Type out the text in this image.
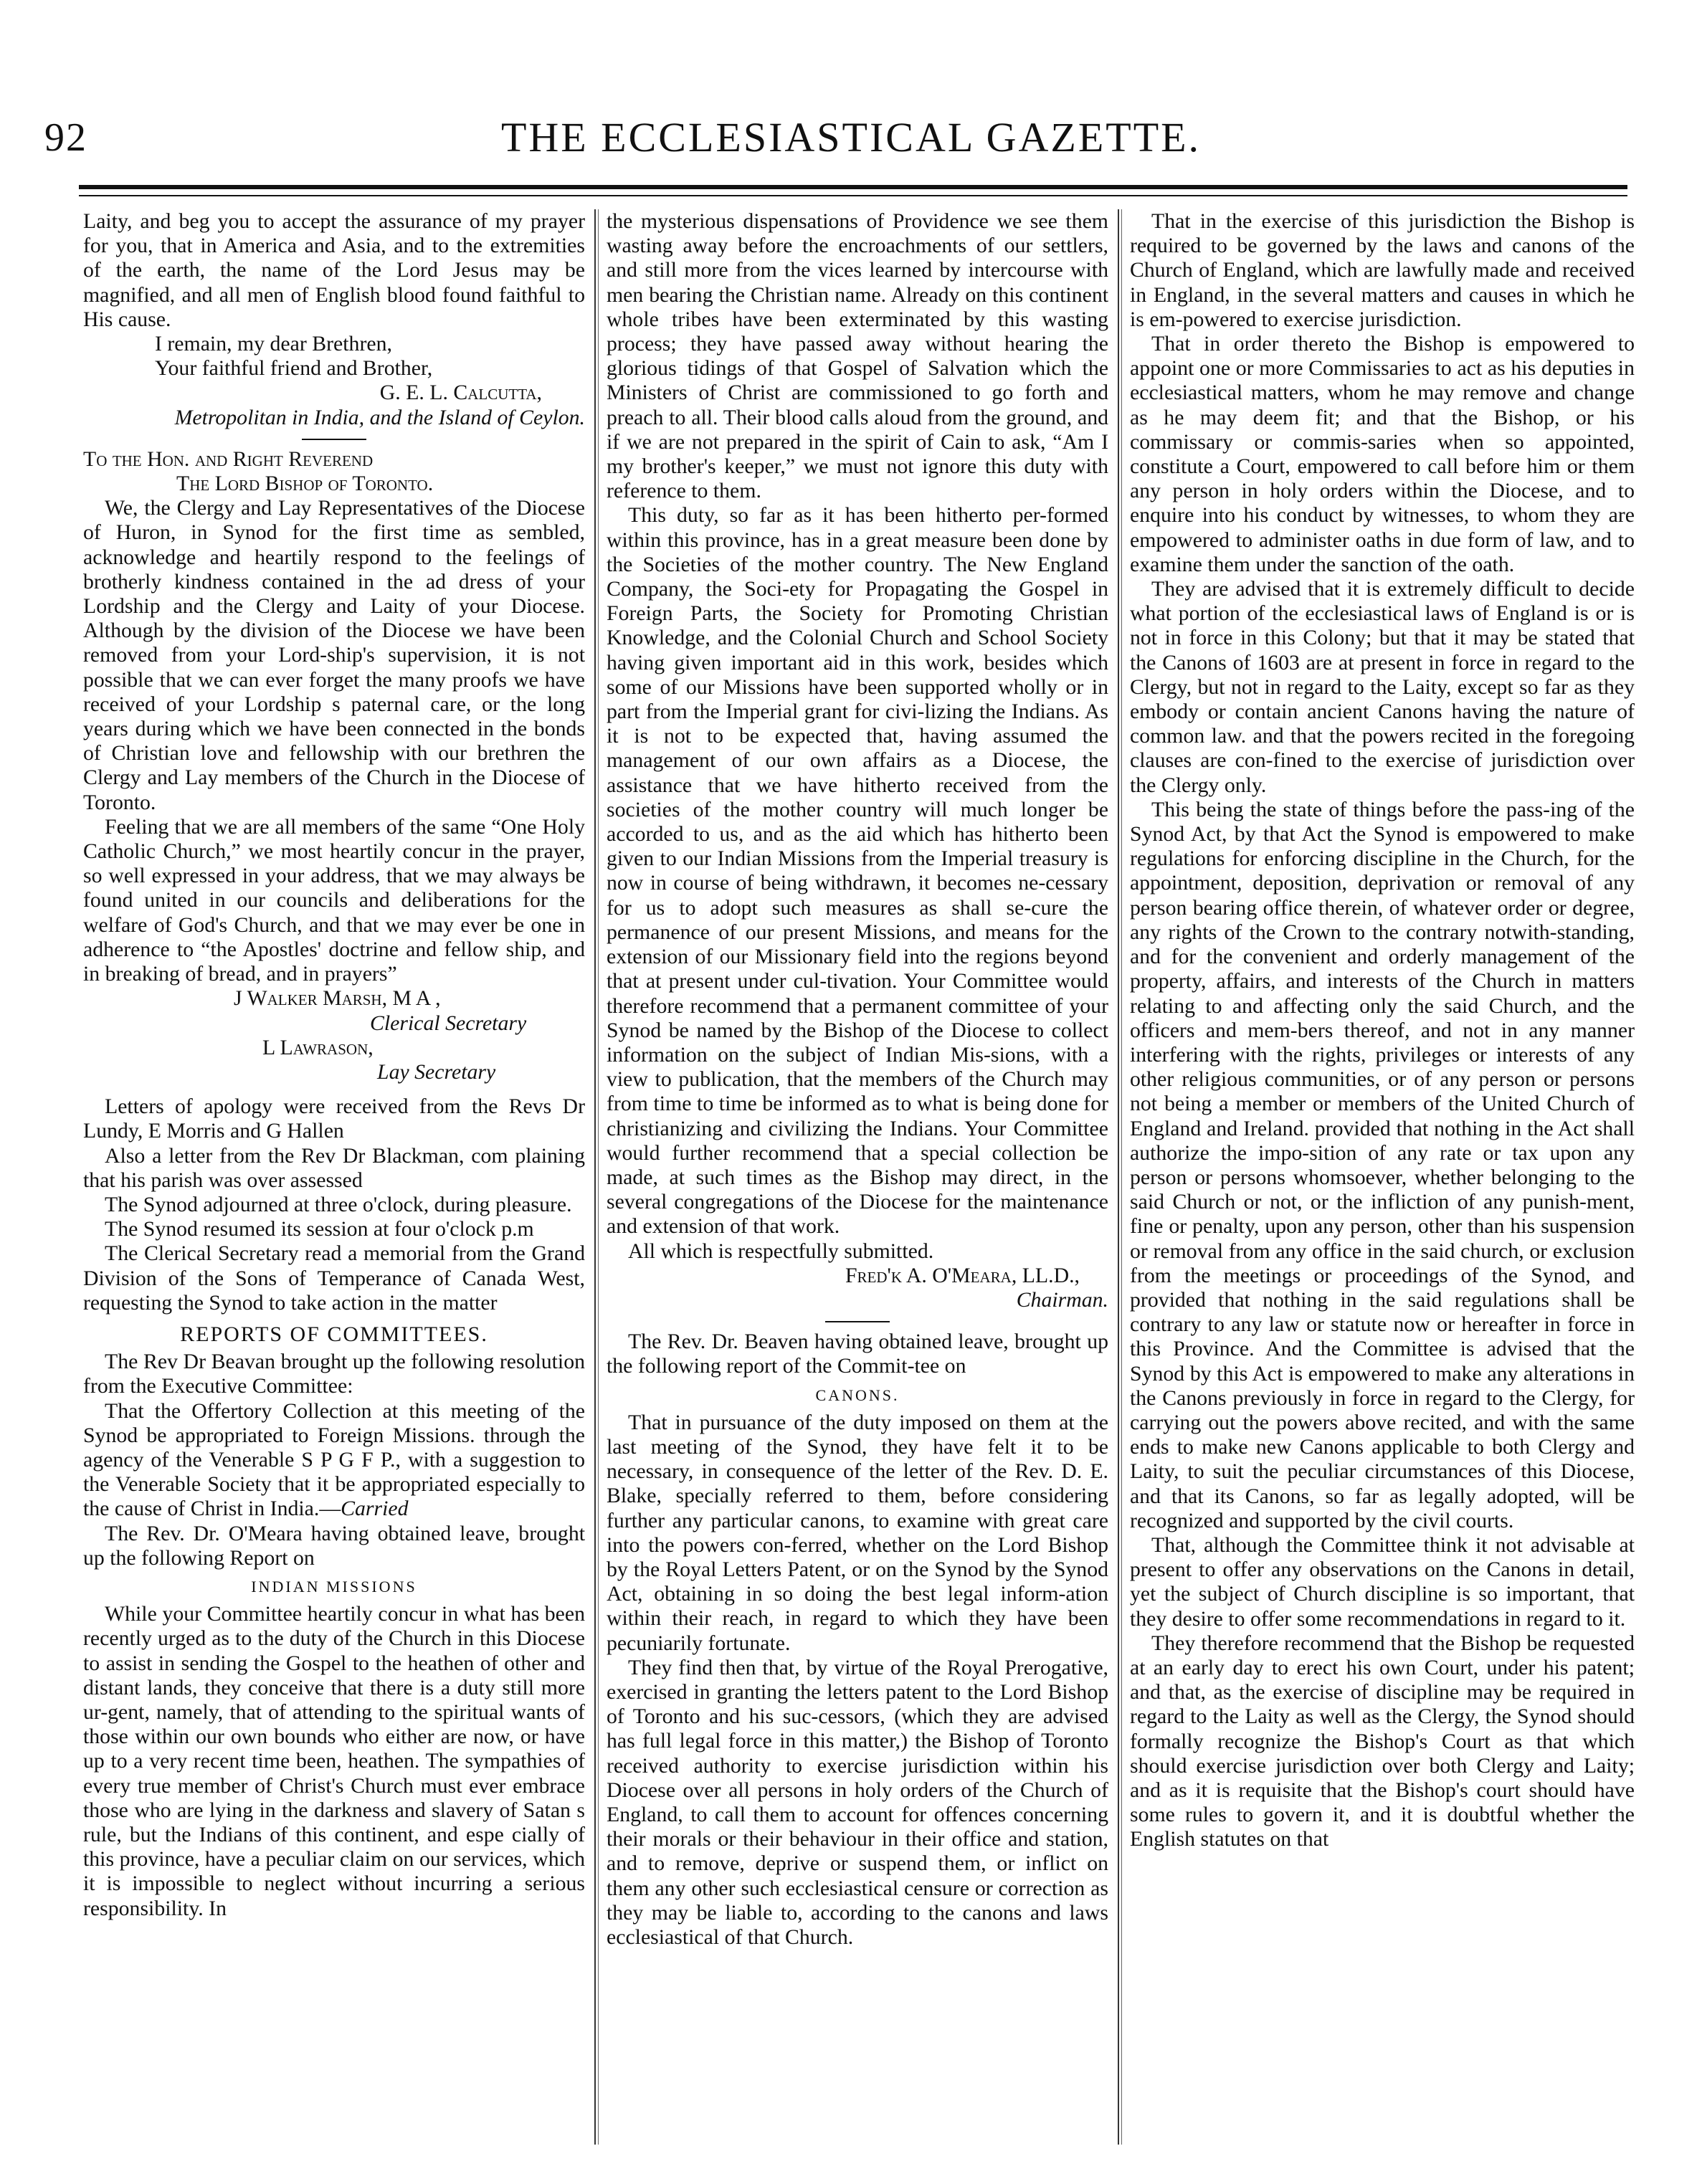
92	THE ECCLESIASTICAL GAZETTE.

Laity, and beg you to accept the assurance of my prayer for you, that in America and Asia, and to the extremities of the earth, the name of the Lord Jesus may be magnified, and all men of English blood found faithful to His cause.

I remain, my dear Brethren,

Your faithful friend and Brother,

G. E. L. Calcutta,

Metropolitan in India, and the Island of Ceylon.

To the Hon. and Right Reverend

The Lord Bishop of Toronto.

We, the Clergy and Lay Representatives of the Diocese of Huron, in Synod for the first time as sembled, acknowledge and heartily respond to the feelings of brotherly kindness contained in the ad dress of your Lordship and the Clergy and Laity of your Diocese. Although by the division of the Diocese we have been removed from your Lord-ship's supervision, it is not possible that we can ever forget the many proofs we have received of your Lordship s paternal care, or the long years during which we have been connected in the bonds of Christian love and fellowship with our brethren the Clergy and Lay members of the Church in the Diocese of Toronto.

Feeling that we are all members of the same “One Holy Catholic Church,” we most heartily concur in the prayer, so well expressed in your address, that we may always be found united in our councils and deliberations for the welfare of God's Church, and that we may ever be one in adherence to “the Apostles' doctrine and fellow ship, and in breaking of bread, and in prayers”

J Walker Marsh, M A ,

Clerical Secretary

L Lawrason,

Lay Secretary

Letters of apology were received from the Revs Dr Lundy, E Morris and G Hallen

Also a letter from the Rev Dr Blackman, com plaining that his parish was over assessed

The Synod adjourned at three o'clock, during pleasure.

The Synod resumed its session at four o'clock p.m

The Clerical Secretary read a memorial from the Grand Division of the Sons of Temperance of Canada West, requesting the Synod to take action in the matter

REPORTS OF COMMITTEES.

The Rev Dr Beavan brought up the following resolution from the Executive Committee:

That the Offertory Collection at this meeting of the Synod be appropriated to Foreign Missions. through the agency of the Venerable S P G F P., with a suggestion to the Venerable Society that it be appropriated especially to the cause of Christ in India.—Carried

The Rev. Dr. O'Meara having obtained leave, brought up the following Report on

INDIAN MISSIONS

While your Committee heartily concur in what has been recently urged as to the duty of the Church in this Diocese to assist in sending the Gospel to the heathen of other and distant lands, they conceive that there is a duty still more ur-gent, namely, that of attending to the spiritual wants of those within our own bounds who either are now, or have up to a very recent time been, heathen. The sympathies of every true member of Christ's Church must ever embrace those who are lying in the darkness and slavery of Satan s rule, but the Indians of this continent, and espe cially of this province, have a peculiar claim on our services, which it is impossible to neglect without incurring a serious responsibility. In

the mysterious dispensations of Providence we see them wasting away before the encroachments of our settlers, and still more from the vices learned by intercourse with men bearing the Christian name. Already on this continent whole tribes have been exterminated by this wasting process; they have passed away without hearing the glorious tidings of that Gospel of Salvation which the Ministers of Christ are commissioned to go forth and preach to all. Their blood calls aloud from the ground, and if we are not prepared in the spirit of Cain to ask, “Am I my brother's keeper,” we must not ignore this duty with reference to them.

This duty, so far as it has been hitherto per-formed within this province, has in a great measure been done by the Societies of the mother country. The New England Company, the Soci-ety for Propagating the Gospel in Foreign Parts, the Society for Promoting Christian Knowledge, and the Colonial Church and School Society having given important aid in this work, besides which some of our Missions have been supported wholly or in part from the Imperial grant for civi-lizing the Indians. As it is not to be expected that, having assumed the management of our own affairs as a Diocese, the assistance that we have hitherto received from the societies of the mother country will much longer be accorded to us, and as the aid which has hitherto been given to our Indian Missions from the Imperial treasury is now in course of being withdrawn, it becomes ne-cessary for us to adopt such measures as shall se-cure the permanence of our present Missions, and means for the extension of our Missionary field into the regions beyond that at present under cul-tivation. Your Committee would therefore recommend that a permanent committee of your Synod be named by the Bishop of the Diocese to collect information on the subject of Indian Mis-sions, with a view to publication, that the members of the Church may from time to time be informed as to what is being done for christianizing and civilizing the Indians. Your Committee would further recommend that a special collection be made, at such times as the Bishop may direct, in the several congregations of the Diocese for the maintenance and extension of that work.

All which is respectfully submitted.

Fred'k A. O'Meara, LL.D.,

Chairman.

The Rev. Dr. Beaven having obtained leave, brought up the following report of the Commit-tee on

CANONS.

That in pursuance of the duty imposed on them at the last meeting of the Synod, they have felt it to be necessary, in consequence of the letter of the Rev. D. E. Blake, specially referred to them, before considering further any particular canons, to examine with great care into the powers con-ferred, whether on the Lord Bishop by the Royal Letters Patent, or on the Synod by the Synod Act, obtaining in so doing the best legal inform-ation within their reach, in regard to which they have been pecuniarily fortunate.

They find then that, by virtue of the Royal Prerogative, exercised in granting the letters patent to the Lord Bishop of Toronto and his suc-cessors, (which they are advised has full legal force in this matter,) the Bishop of Toronto received authority to exercise jurisdiction within his Diocese over all persons in holy orders of the Church of England, to call them to account for offences concerning their morals or their behaviour in their office and station, and to remove, deprive or suspend them, or inflict on them any other such ecclesiastical censure or correction as they may be liable to, according to the canons and laws ecclesiastical of that Church.

That in the exercise of this jurisdiction the Bishop is required to be governed by the laws and canons of the Church of England, which are lawfully made and received in England, in the several matters and causes in which he is em-powered to exercise jurisdiction.

That in order thereto the Bishop is empowered to appoint one or more Commissaries to act as his deputies in ecclesiastical matters, whom he may remove and change as he may deem fit; and that the Bishop, or his commissary or commis-saries when so appointed, constitute a Court, empowered to call before him or them any person in holy orders within the Diocese, and to enquire into his conduct by witnesses, to whom they are empowered to administer oaths in due form of law, and to examine them under the sanction of the oath.

They are advised that it is extremely difficult to decide what portion of the ecclesiastical laws of England is or is not in force in this Colony; but that it may be stated that the Canons of 1603 are at present in force in regard to the Clergy, but not in regard to the Laity, except so far as they embody or contain ancient Canons having the nature of common law. and that the powers recited in the foregoing clauses are con-fined to the exercise of jurisdiction over the Clergy only.

This being the state of things before the pass-ing of the Synod Act, by that Act the Synod is empowered to make regulations for enforcing discipline in the Church, for the appointment, deposition, deprivation or removal of any person bearing office therein, of whatever order or degree, any rights of the Crown to the contrary notwith-standing, and for the convenient and orderly management of the property, affairs, and interests of the Church in matters relating to and affecting only the said Church, and the officers and mem-bers thereof, and not in any manner interfering with the rights, privileges or interests of any other religious communities, or of any person or persons not being a member or members of the United Church of England and Ireland. provided that nothing in the Act shall authorize the impo-sition of any rate or tax upon any person or persons whomsoever, whether belonging to the said Church or not, or the infliction of any punish-ment, fine or penalty, upon any person, other than his suspension or removal from any office in the said church, or exclusion from the meetings or proceedings of the Synod, and provided that nothing in the said regulations shall be contrary to any law or statute now or hereafter in force in this Province. And the Committee is advised that the Synod by this Act is empowered to make any alterations in the Canons previously in force in regard to the Clergy, for carrying out the powers above recited, and with the same ends to make new Canons applicable to both Clergy and Laity, to suit the peculiar circumstances of this Diocese, and that its Canons, so far as legally adopted, will be recognized and supported by the civil courts.

That, although the Committee think it not advisable at present to offer any observations on the Canons in detail, yet the subject of Church discipline is so important, that they desire to offer some recommendations in regard to it.

They therefore recommend that the Bishop be requested at an early day to erect his own Court, under his patent; and that, as the exercise of discipline may be required in regard to the Laity as well as the Clergy, the Synod should formally recognize the Bishop's Court as that which should exercise jurisdiction over both Clergy and Laity; and as it is requisite that the Bishop's court should have some rules to govern it, and it is doubtful whether the English statutes on that
